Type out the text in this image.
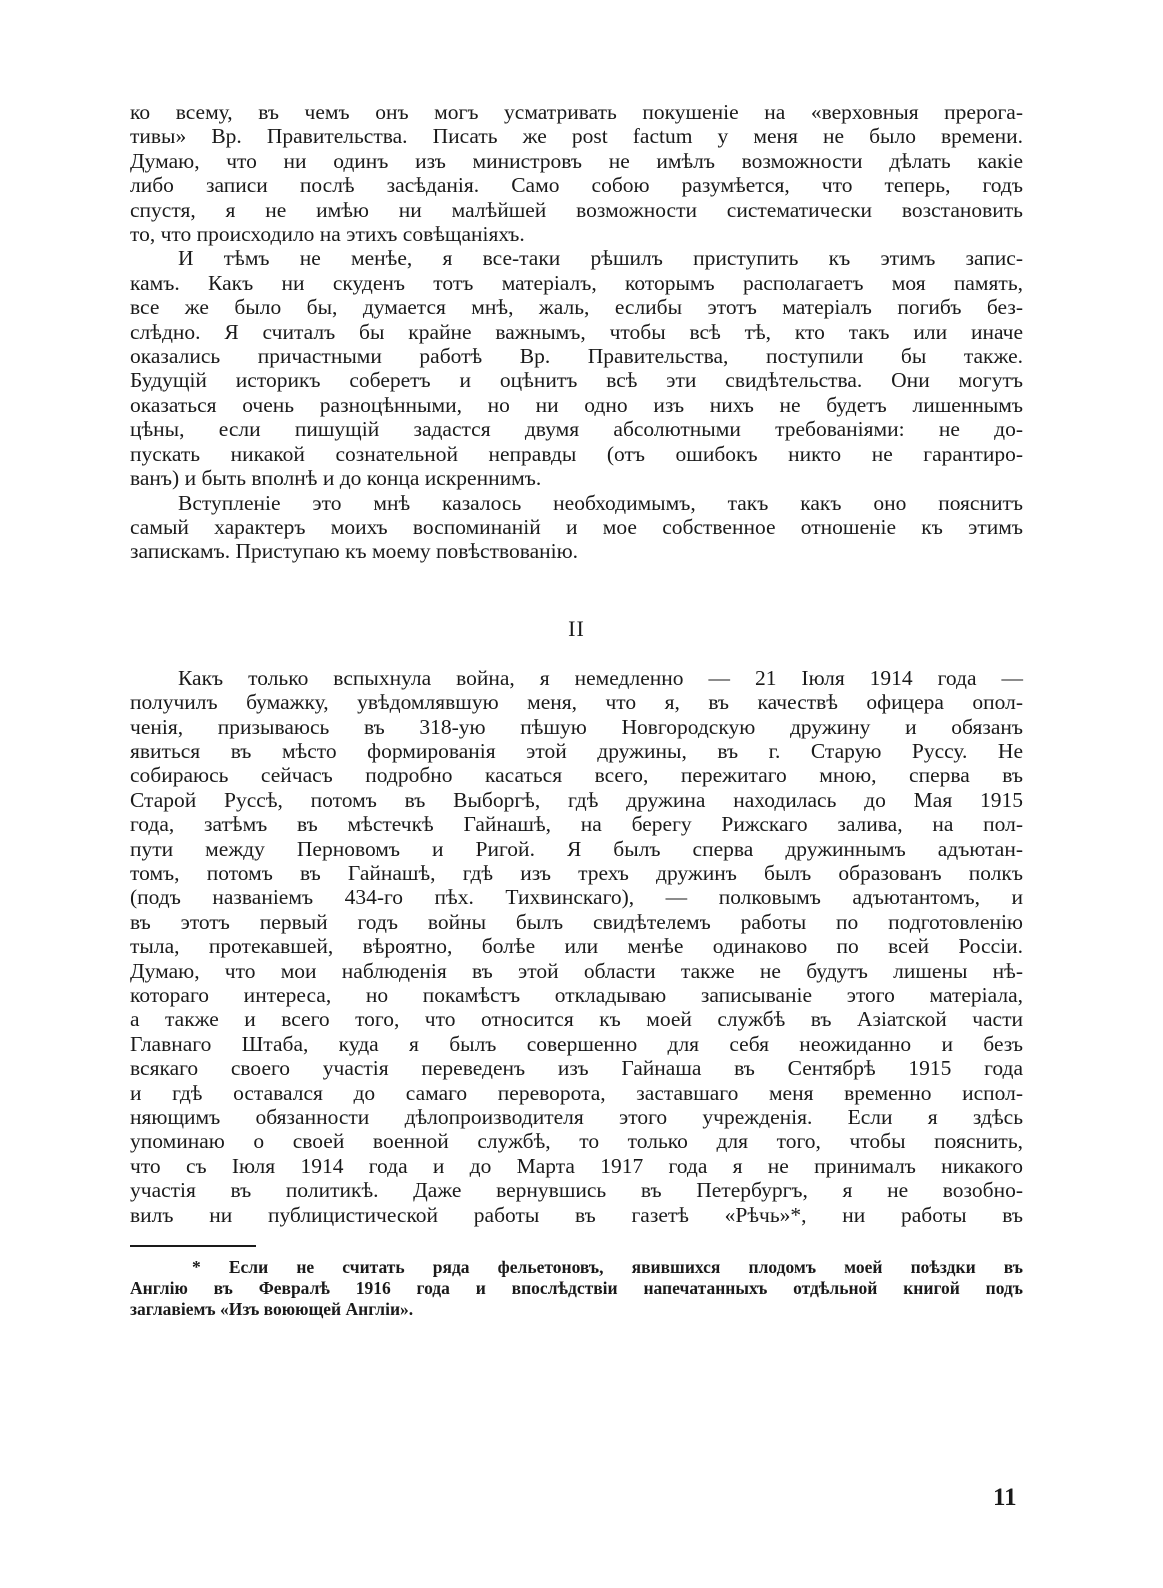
ко всему, въ чемъ онъ могъ усматривать покушеніе на «верховныя прерога-
тивы» Вр. Правительства. Писать же post factum у меня не было времени.
Думаю, что ни одинъ изъ министровъ не имѣлъ возможности дѣлать какіе
либо записи послѣ засѣданія. Само собою разумѣется, что теперь, годъ
спустя, я не имѣю ни малѣйшей возможности систематически возстановить
то, что происходило на этихъ совѣщаніяхъ.
И тѣмъ не менѣе, я все-таки рѣшилъ приступить къ этимъ запис-
камъ. Какъ ни скуденъ тотъ матеріалъ, которымъ располагаетъ моя память,
все же было бы, думается мнѣ, жаль, еслибы этотъ матеріалъ погибъ без-
слѣдно. Я считалъ бы крайне важнымъ, чтобы всѣ тѣ, кто такъ или иначе
оказались причастными работѣ Вр. Правительства, поступили бы также.
Будущій историкъ соберетъ и оцѣнитъ всѣ эти свидѣтельства. Они могутъ
оказаться очень разноцѣнными, но ни одно изъ нихъ не будетъ лишеннымъ
цѣны, если пишущій задастся двумя абсолютными требованіями: не до-
пускать никакой сознательной неправды (отъ ошибокъ никто не гарантиро-
ванъ) и быть вполнѣ и до конца искреннимъ.
Вступленіе это мнѣ казалось необходимымъ, такъ какъ оно пояснитъ
самый характеръ моихъ воспоминаній и мое собственное отношеніе къ этимъ
запискамъ. Приступаю къ моему повѣствованію.
II
Какъ только вспыхнула война, я немедленно — 21 Іюля 1914 года —
получилъ бумажку, увѣдомлявшую меня, что я, въ качествѣ офицера опол-
ченія, призываюсь въ 318-ую пѣшую Новгородскую дружину и обязанъ
явиться въ мѣсто формированія этой дружины, въ г. Старую Руссу. Не
собираюсь сейчасъ подробно касаться всего, пережитаго мною, сперва въ
Старой Руссѣ, потомъ въ Выборгѣ, гдѣ дружина находилась до Мая 1915
года, затѣмъ въ мѣстечкѣ Гайнашѣ, на берегу Рижскаго залива, на пол-
пути между Перновомъ и Ригой. Я былъ сперва дружиннымъ адъютан-
томъ, потомъ въ Гайнашѣ, гдѣ изъ трехъ дружинъ былъ образованъ полкъ
(подъ названіемъ 434-го пѣх. Тихвинскаго), — полковымъ адъютантомъ, и
въ этотъ первый годъ войны былъ свидѣтелемъ работы по подготовленію
тыла, протекавшей, вѣроятно, болѣе или менѣе одинаково по всей Россіи.
Думаю, что мои наблюденія въ этой области также не будутъ лишены нѣ-
котораго интереса, но покамѣстъ откладываю записываніе этого матеріала,
а также и всего того, что относится къ моей службѣ въ Азіатской части
Главнаго Штаба, куда я былъ совершенно для себя неожиданно и безъ
всякаго своего участія переведенъ изъ Гайнаша въ Сентябрѣ 1915 года
и гдѣ оставался до самаго переворота, заставшаго меня временно испол-
няющимъ обязанности дѣлопроизводителя этого учрежденія. Если я здѣсь
упоминаю о своей военной службѣ, то только для того, чтобы пояснить,
что съ Іюля 1914 года и до Марта 1917 года я не принималъ никакого
участія въ политикѣ. Даже вернувшись въ Петербургъ, я не возобно-
вилъ ни публицистической работы въ газетѣ «Рѣчь»*, ни работы въ
* Если не считать ряда фельетоновъ, явившихся плодомъ моей поѣздки въ
Англію въ Февралѣ 1916 года и впослѣдствіи напечатанныхъ отдѣльной книгой подъ
заглавіемъ «Изъ воюющей Англіи».
11
